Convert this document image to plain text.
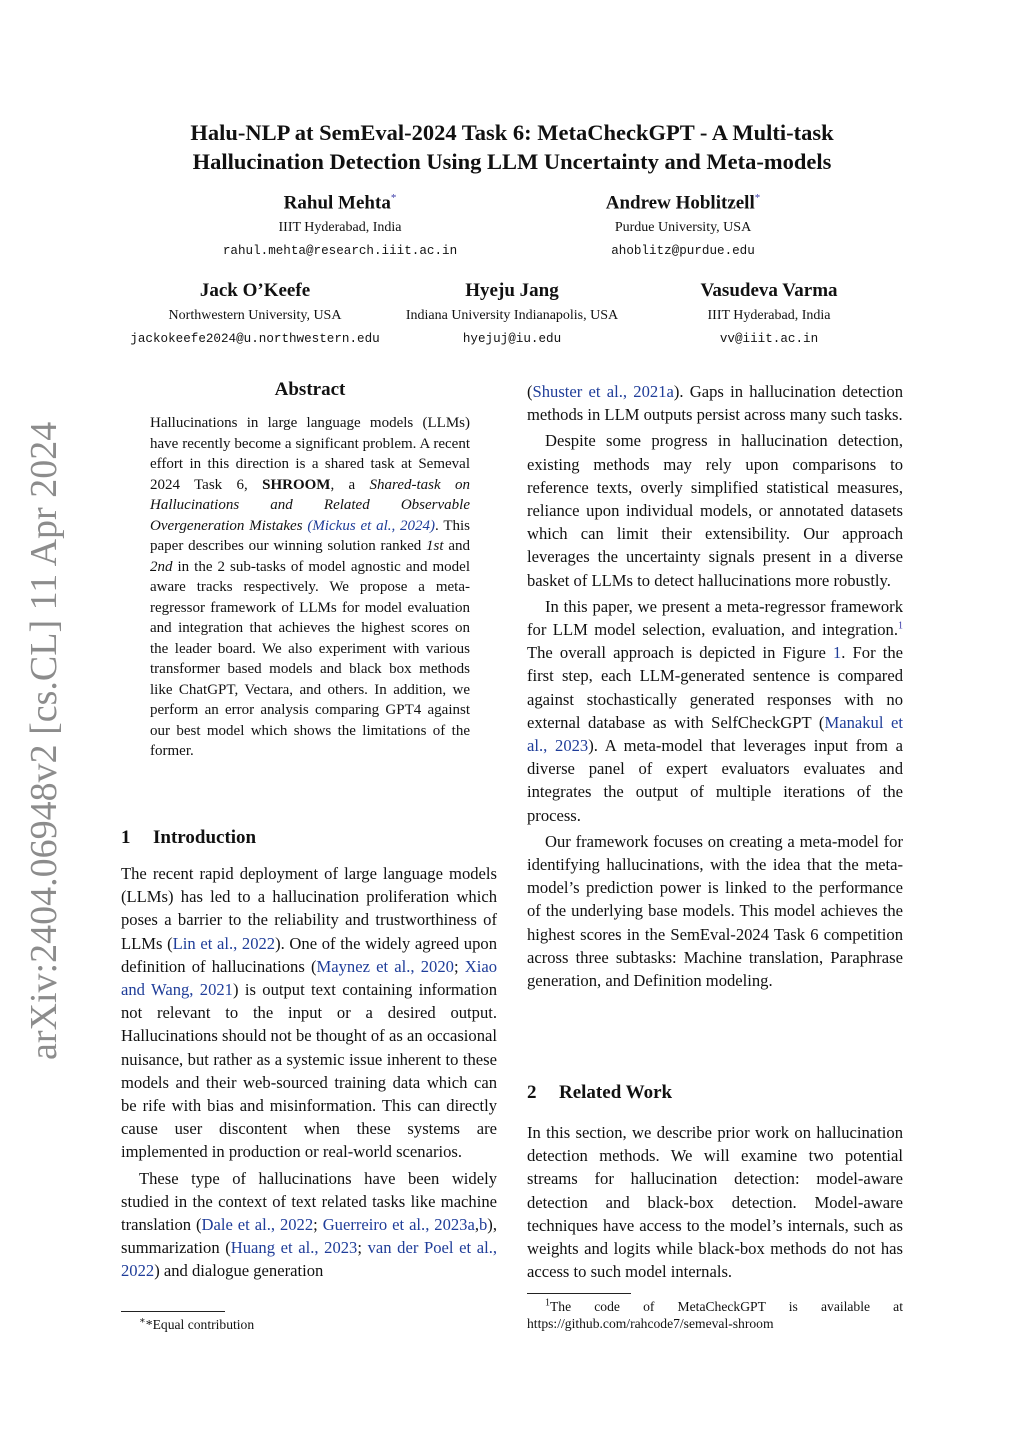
Halu-NLP at SemEval-2024 Task 6: MetaCheckGPT - A Multi-task
Hallucination Detection Using LLM Uncertainty and Meta-models
Rahul Mehta*
IIIT Hyderabad, India
rahul.mehta@research.iiit.ac.in
Andrew Hoblitzell*
Purdue University, USA
ahoblitz@purdue.edu
Jack O’Keefe
Northwestern University, USA
jackokeefe2024@u.northwestern.edu
Hyeju Jang
Indiana University Indianapolis, USA
hyejuj@iu.edu
Vasudeva Varma
IIIT Hyderabad, India
vv@iiit.ac.in
arXiv:2404.06948v2 [cs.CL] 11 Apr 2024
Abstract
Hallucinations in large language models (LLMs) have recently become a significant problem. A recent effort in this direction is a shared task at Semeval 2024 Task 6, SHROOM, a Shared-task on Hallucinations and Related Observable Overgeneration Mistakes (Mickus et al., 2024). This paper describes our winning solution ranked 1st and 2nd in the 2 sub-tasks of model agnostic and model aware tracks respectively. We propose a meta-regressor framework of LLMs for model evaluation and integration that achieves the highest scores on the leader board. We also experiment with various transformer based models and black box methods like ChatGPT, Vectara, and others. In addition, we perform an error analysis comparing GPT4 against our best model which shows the limitations of the former.
1 Introduction

The recent rapid deployment of large language models (LLMs) has led to a hallucination proliferation which poses a barrier to the reliability and trustworthiness of LLMs (Lin et al., 2022). One of the widely agreed upon definition of hallucinations (Maynez et al., 2020; Xiao and Wang, 2021) is output text containing information not relevant to the input or a desired output. Hallucinations should not be thought of as an occasional nuisance, but rather as a systemic issue inherent to these models and their web-sourced training data which can be rife with bias and misinformation. This can directly cause user discontent when these systems are implemented in production or real-world scenarios.

These type of hallucinations have been widely studied in the context of text related tasks like machine translation (Dale et al., 2022; Guerreiro et al., 2023a,b), summarization (Huang et al., 2023; van der Poel et al., 2022) and dialogue generation

∗*Equal contribution

(Shuster et al., 2021a). Gaps in hallucination detection methods in LLM outputs persist across many such tasks.

Despite some progress in hallucination detection, existing methods may rely upon comparisons to reference texts, overly simplified statistical measures, reliance upon individual models, or annotated datasets which can limit their extensibility. Our approach leverages the uncertainty signals present in a diverse basket of LLMs to detect hallucinations more robustly.

In this paper, we present a meta-regressor framework for LLM model selection, evaluation, and integration.$^1$ The overall approach is depicted in Figure 1. For the first step, each LLM-generated sentence is compared against stochastically generated responses with no external database as with SelfCheckGPT (Manakul et al., 2023). A meta-model that leverages input from a diverse panel of expert evaluators evaluates and integrates the output of multiple iterations of the process.

Our framework focuses on creating a meta-model for identifying hallucinations, with the idea that the meta-model’s prediction power is linked to the performance of the underlying base models. This model achieves the highest scores in the SemEval-2024 Task 6 competition across three subtasks: Machine translation, Paraphrase generation, and Definition modeling.

2 Related Work

In this section, we describe prior work on hallucination detection methods. We will examine two potential streams for hallucination detection: model-aware detection and black-box detection. Model-aware techniques have access to the model’s internals, such as weights and logits while black-box methods do not has access to such model internals.

$^1$The code of MetaCheckGPT is available at
https://github.com/rahcode7/semeval-shroom
